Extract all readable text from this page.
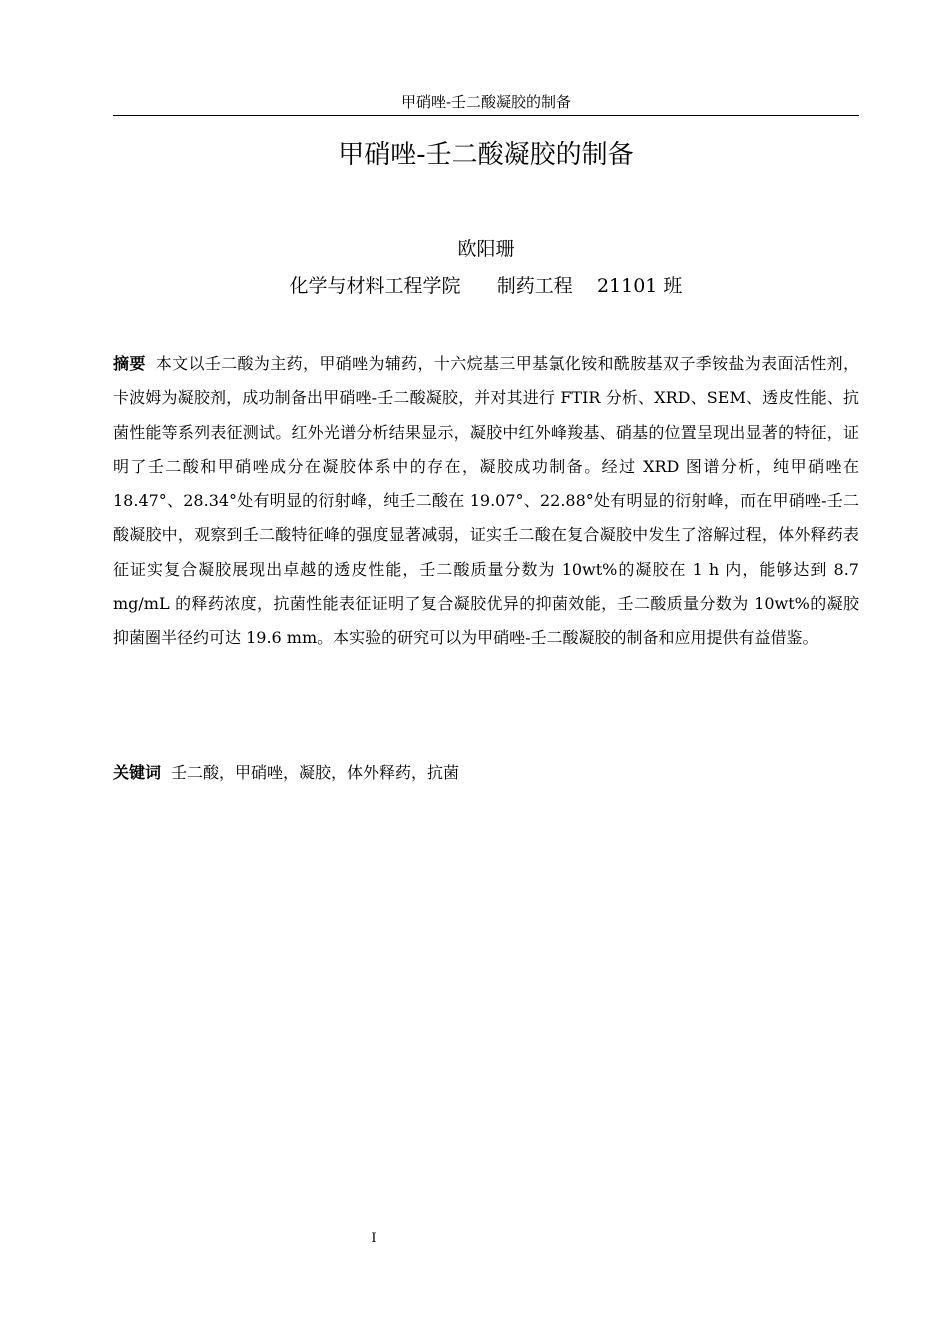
甲硝唑-壬二酸凝胶的制备
甲硝唑-壬二酸凝胶的制备
欧阳珊
化学与材料工程学院      制药工程    21101 班
摘要 本文以壬二酸为主药，甲硝唑为辅药，十六烷基三甲基氯化铵和酰胺基双子季铵盐为表面活性剂，卡波姆为凝胶剂，成功制备出甲硝唑-壬二酸凝胶，并对其进行 FTIR 分析、XRD、SEM、透皮性能、抗菌性能等系列表征测试。红外光谱分析结果显示，凝胶中红外峰羧基、硝基的位置呈现出显著的特征，证明了壬二酸和甲硝唑成分在凝胶体系中的存在，凝胶成功制备。经过 XRD 图谱分析，纯甲硝唑在 18.47°、28.34°处有明显的衍射峰，纯壬二酸在 19.07°、22.88°处有明显的衍射峰，而在甲硝唑-壬二酸凝胶中，观察到壬二酸特征峰的强度显著减弱，证实壬二酸在复合凝胶中发生了溶解过程，体外释药表征证实复合凝胶展现出卓越的透皮性能，壬二酸质量分数为 10wt%的凝胶在 1 h 内，能够达到 8.7 mg/mL 的释药浓度，抗菌性能表征证明了复合凝胶优异的抑菌效能，壬二酸质量分数为 10wt%的凝胶抑菌圈半径约可达 19.6 mm。本实验的研究可以为甲硝唑-壬二酸凝胶的制备和应用提供有益借鉴。
关键词 壬二酸，甲硝唑，凝胶，体外释药，抗菌
I
